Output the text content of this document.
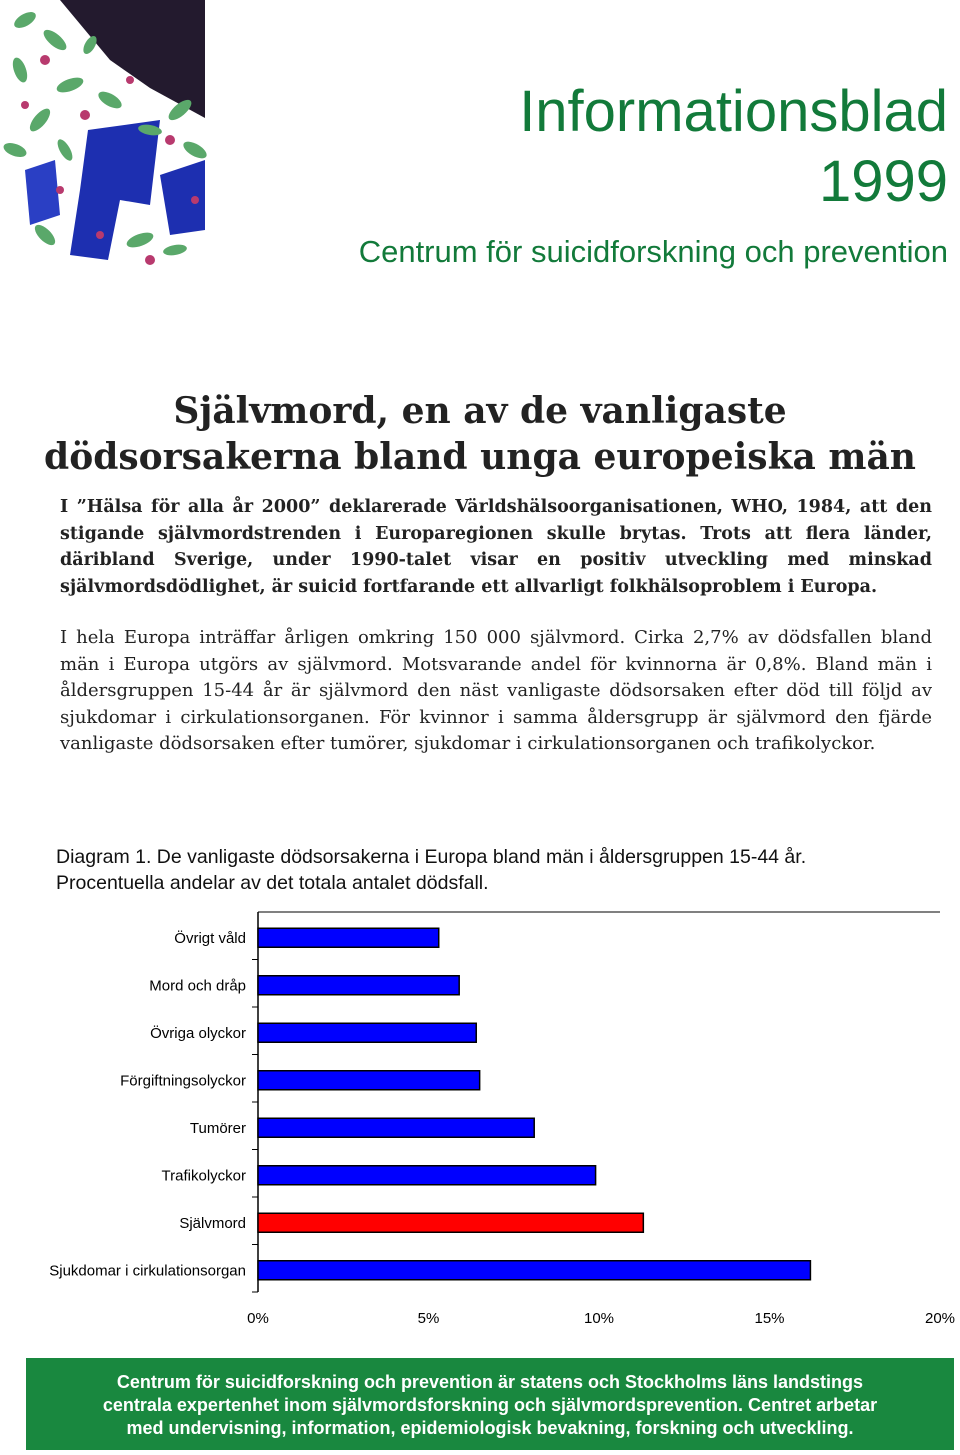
Informationsblad
1999
Centrum för suicidforskning och prevention
Självmord, en av de vanligaste
dödsorsakerna bland unga europeiska män
I ”Hälsa för alla år 2000” deklarerade Världshälsoorganisationen, WHO, 1984, att den stigande självmordstrenden i Europaregionen skulle brytas. Trots att flera länder, däribland Sverige, under 1990-talet visar en positiv utveckling med minskad självmordsdödlighet, är suicid fortfarande ett allvarligt folkhälsoproblem i Europa.
I hela Europa inträffar årligen omkring 150 000 självmord. Cirka 2,7% av dödsfallen bland män i Europa utgörs av självmord. Motsvarande andel för kvinnorna är 0,8%. Bland män i åldersgruppen 15-44 år är självmord den näst vanligaste dödsorsaken efter död till följd av sjukdomar i cirkulationsorganen. För kvinnor i samma åldersgrupp är självmord den fjärde vanligaste dödsorsaken efter tumörer, sjukdomar i cirkulationsorganen och trafikolyckor.
Diagram 1. De vanligaste dödsorsakerna i Europa bland män i åldersgruppen 15-44 år.
Procentuella andelar av det totala antalet dödsfall.
Övrigt våld
Mord och dråp
Övriga olyckor
Förgiftningsolyckor
Tumörer
Trafikolyckor
Självmord
Sjukdomar i cirkulationsorgan
0%	5%	10%	15%	20%
Centrum för suicidforskning och prevention är statens och Stockholms läns landstings
centrala expertenhet inom självmordsforskning och självmordsprevention. Centret arbetar
med undervisning, information, epidemiologisk bevakning, forskning och utveckling.
